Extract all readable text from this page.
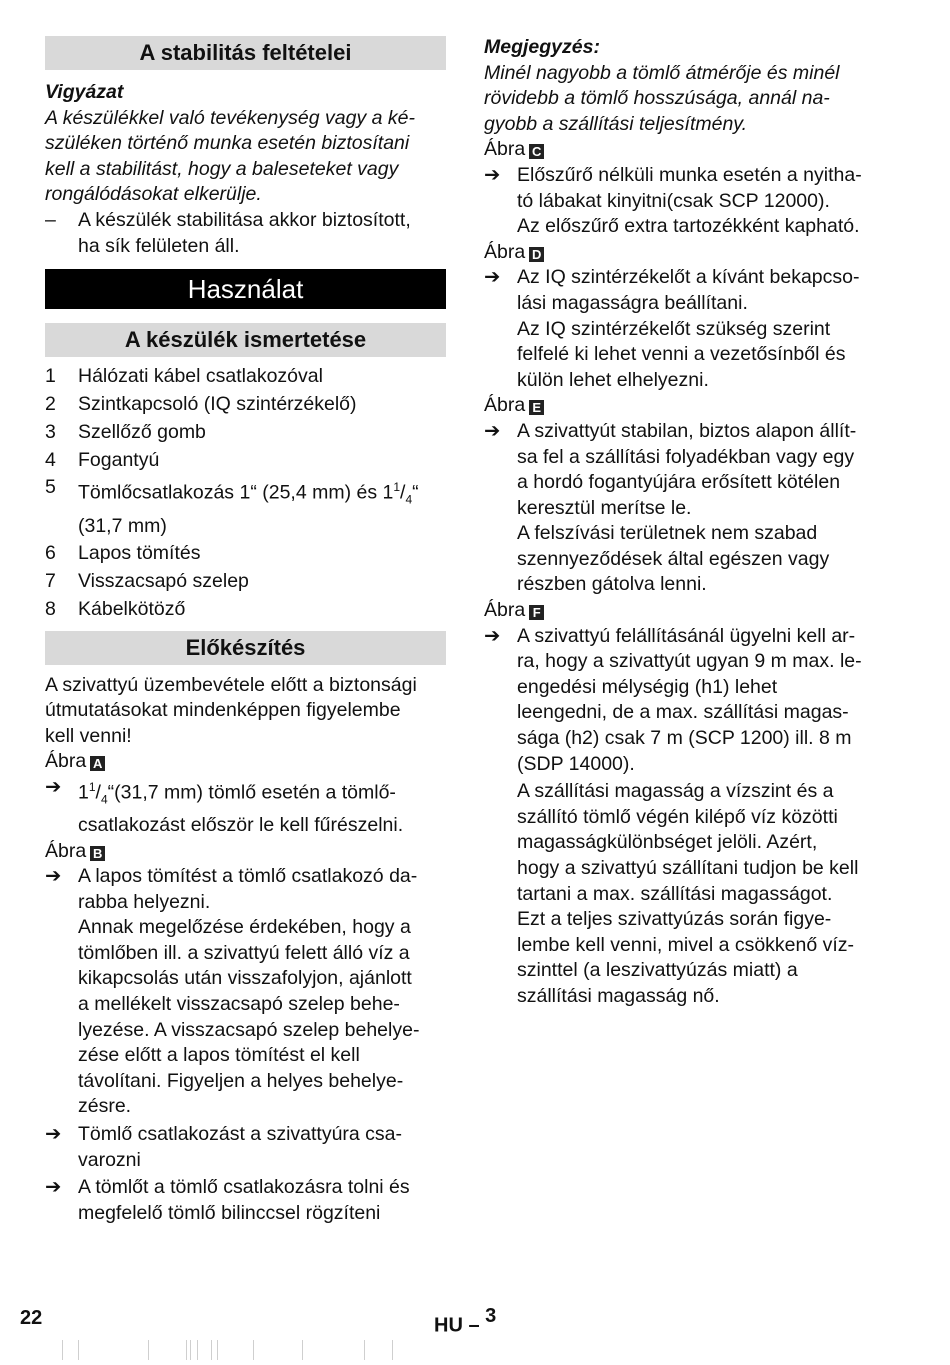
A stabilitás feltételei
Vigyázat
A készülékkel való tevékenység vagy a ké-
szüléken történő munka esetén biztosítani
kell a stabilitást, hogy a baleseteket vagy
rongálódásokat elkerülje.
– A készülék stabilitása akkor biztosított,
ha sík felületen áll.
Használat
A készülék ismertetése
1 Hálózati kábel csatlakozóval
2 Szintkapcsoló (IQ szintérzékelő)
3 Szellőző gomb
4 Fogantyú
5 Tömlőcsatlakozás 1“ (25,4 mm) és $1^1/_4“$
(31,7 mm)
6 Lapos tömítés
7 Visszacsapó szelep
8 Kábelkötöző
Előkészítés
A szivattyú üzembevétele előtt a biztonsági
útmutatásokat mindenképpen figyelembe
kell venni!
Ábra A
➔ $1^1/_4“(31,7$ mm) tömlő esetén a tömlő-
csatlakozást először le kell fűrészelni.
Ábra B
➔ A lapos tömítést a tömlő csatlakozó da-
rabba helyezni.
Annak megelőzése érdekében, hogy a
tömlőben ill. a szivattyú felett álló víz a
kikapcsolás után visszafolyjon, ajánlott
a mellékelt visszacsapó szelep behe-
lyezése. A visszacsapó szelep behelye-
zése előtt a lapos tömítést el kell
távolítani. Figyeljen a helyes behelye-
zésre.
➔ Tömlő csatlakozást a szivattyúra csa-
varozni
➔ A tömlőt a tömlő csatlakozásra tolni és
megfelelő tömlő bilinccsel rögzíteni
Megjegyzés:
Minél nagyobb a tömlő átmérője és minél
rövidebb a tömlő hosszúsága, annál na-
gyobb a szállítási teljesítmény.
Ábra C
➔ Előszűrő nélküli munka esetén a nyitha-
tó lábakat kinyitni(csak SCP 12000).
Az előszűrő extra tartozékként kapható.
Ábra D
➔ Az IQ szintérzékelőt a kívánt bekapcso-
lási magasságra beállítani.
Az IQ szintérzékelőt szükség szerint
felfelé ki lehet venni a vezetősínből és
külön lehet elhelyezni.
Ábra E
➔ A szivattyút stabilan, biztos alapon állít-
sa fel a szállítási folyadékban vagy egy
a hordó fogantyújára erősített kötélen
keresztül merítse le.
A felszívási területnek nem szabad
szennyeződések által egészen vagy
részben gátolva lenni.
Ábra F
➔ A szivattyú felállításánál ügyelni kell ar-
ra, hogy a szivattyút ugyan 9 m max. le-
engedési mélységig (h1) lehet
leengedni, de a max. szállítási magas-
sága (h2) csak 7 m (SCP 1200) ill. 8 m
(SDP 14000).
A szállítási magasság a vízszint és a
szállító tömlő végén kilépő víz közötti
magasságkülönbséget jelöli. Azért,
hogy a szivattyú szállítani tudjon be kell
tartani a max. szállítási magasságot.
Ezt a teljes szivattyúzás során figye-
lembe kell venni, mivel a csökkenő víz-
szinttel (a leszivattyúzás miatt) a
szállítási magasság nő.
22	HU – $^3$
